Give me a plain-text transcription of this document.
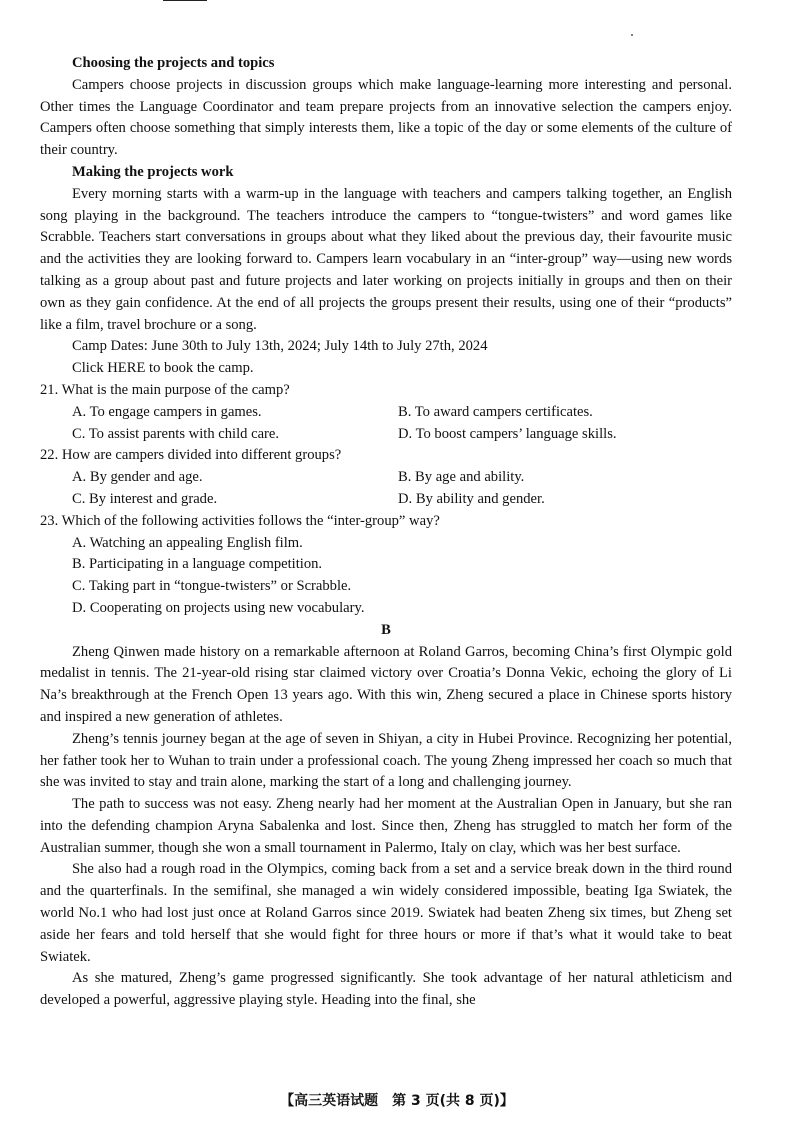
Choosing the projects and topics

Campers choose projects in discussion groups which make language-learning more interesting and personal. Other times the Language Coordinator and team prepare projects from an innovative selection the campers enjoy. Campers often choose something that simply interests them, like a topic of the day or some elements of the culture of their country.

Making the projects work

Every morning starts with a warm-up in the language with teachers and campers talking together, an English song playing in the background. The teachers introduce the campers to “tongue-twisters” and word games like Scrabble. Teachers start conversations in groups about what they liked about the previous day, their favourite music and the activities they are looking forward to. Campers learn vocabulary in an “inter-group” way—using new words talking as a group about past and future projects and later working on projects initially in groups and then on their own as they gain confidence. At the end of all projects the groups present their results, using one of their “products” like a film, travel brochure or a song.

Camp Dates: June 30th to July 13th, 2024; July 14th to July 27th, 2024

Click HERE to book the camp.

21. What is the main purpose of the camp?

A. To engage campers in games.	B. To award campers certificates.

C. To assist parents with child care.	D. To boost campers’ language skills.

22. How are campers divided into different groups?

A. By gender and age.	B. By age and ability.

C. By interest and grade.	D. By ability and gender.

23. Which of the following activities follows the “inter-group” way?

A. Watching an appealing English film.

B. Participating in a language competition.

C. Taking part in “tongue-twisters” or Scrabble.

D. Cooperating on projects using new vocabulary.

B

Zheng Qinwen made history on a remarkable afternoon at Roland Garros, becoming China’s first Olympic gold medalist in tennis. The 21-year-old rising star claimed victory over Croatia’s Donna Vekic, echoing the glory of Li Na’s breakthrough at the French Open 13 years ago. With this win, Zheng secured a place in Chinese sports history and inspired a new generation of athletes.

Zheng’s tennis journey began at the age of seven in Shiyan, a city in Hubei Province. Recognizing her potential, her father took her to Wuhan to train under a professional coach. The young Zheng impressed her coach so much that she was invited to stay and train alone, marking the start of a long and challenging journey.

The path to success was not easy. Zheng nearly had her moment at the Australian Open in January, but she ran into the defending champion Aryna Sabalenka and lost. Since then, Zheng has struggled to match her form of the Australian summer, though she won a small tournament in Palermo, Italy on clay, which was her best surface.

She also had a rough road in the Olympics, coming back from a set and a service break down in the third round and the quarterfinals. In the semifinal, she managed a win widely considered impossible, beating Iga Swiatek, the world No.1 who had lost just once at Roland Garros since 2019. Swiatek had beaten Zheng six times, but Zheng set aside her fears and told herself that she would fight for three hours or more if that’s what it would take to beat Swiatek.

As she matured, Zheng’s game progressed significantly. She took advantage of her natural athleticism and developed a powerful, aggressive playing style. Heading into the final, she

【高三英语试题　第 3 页(共 8 页)】
